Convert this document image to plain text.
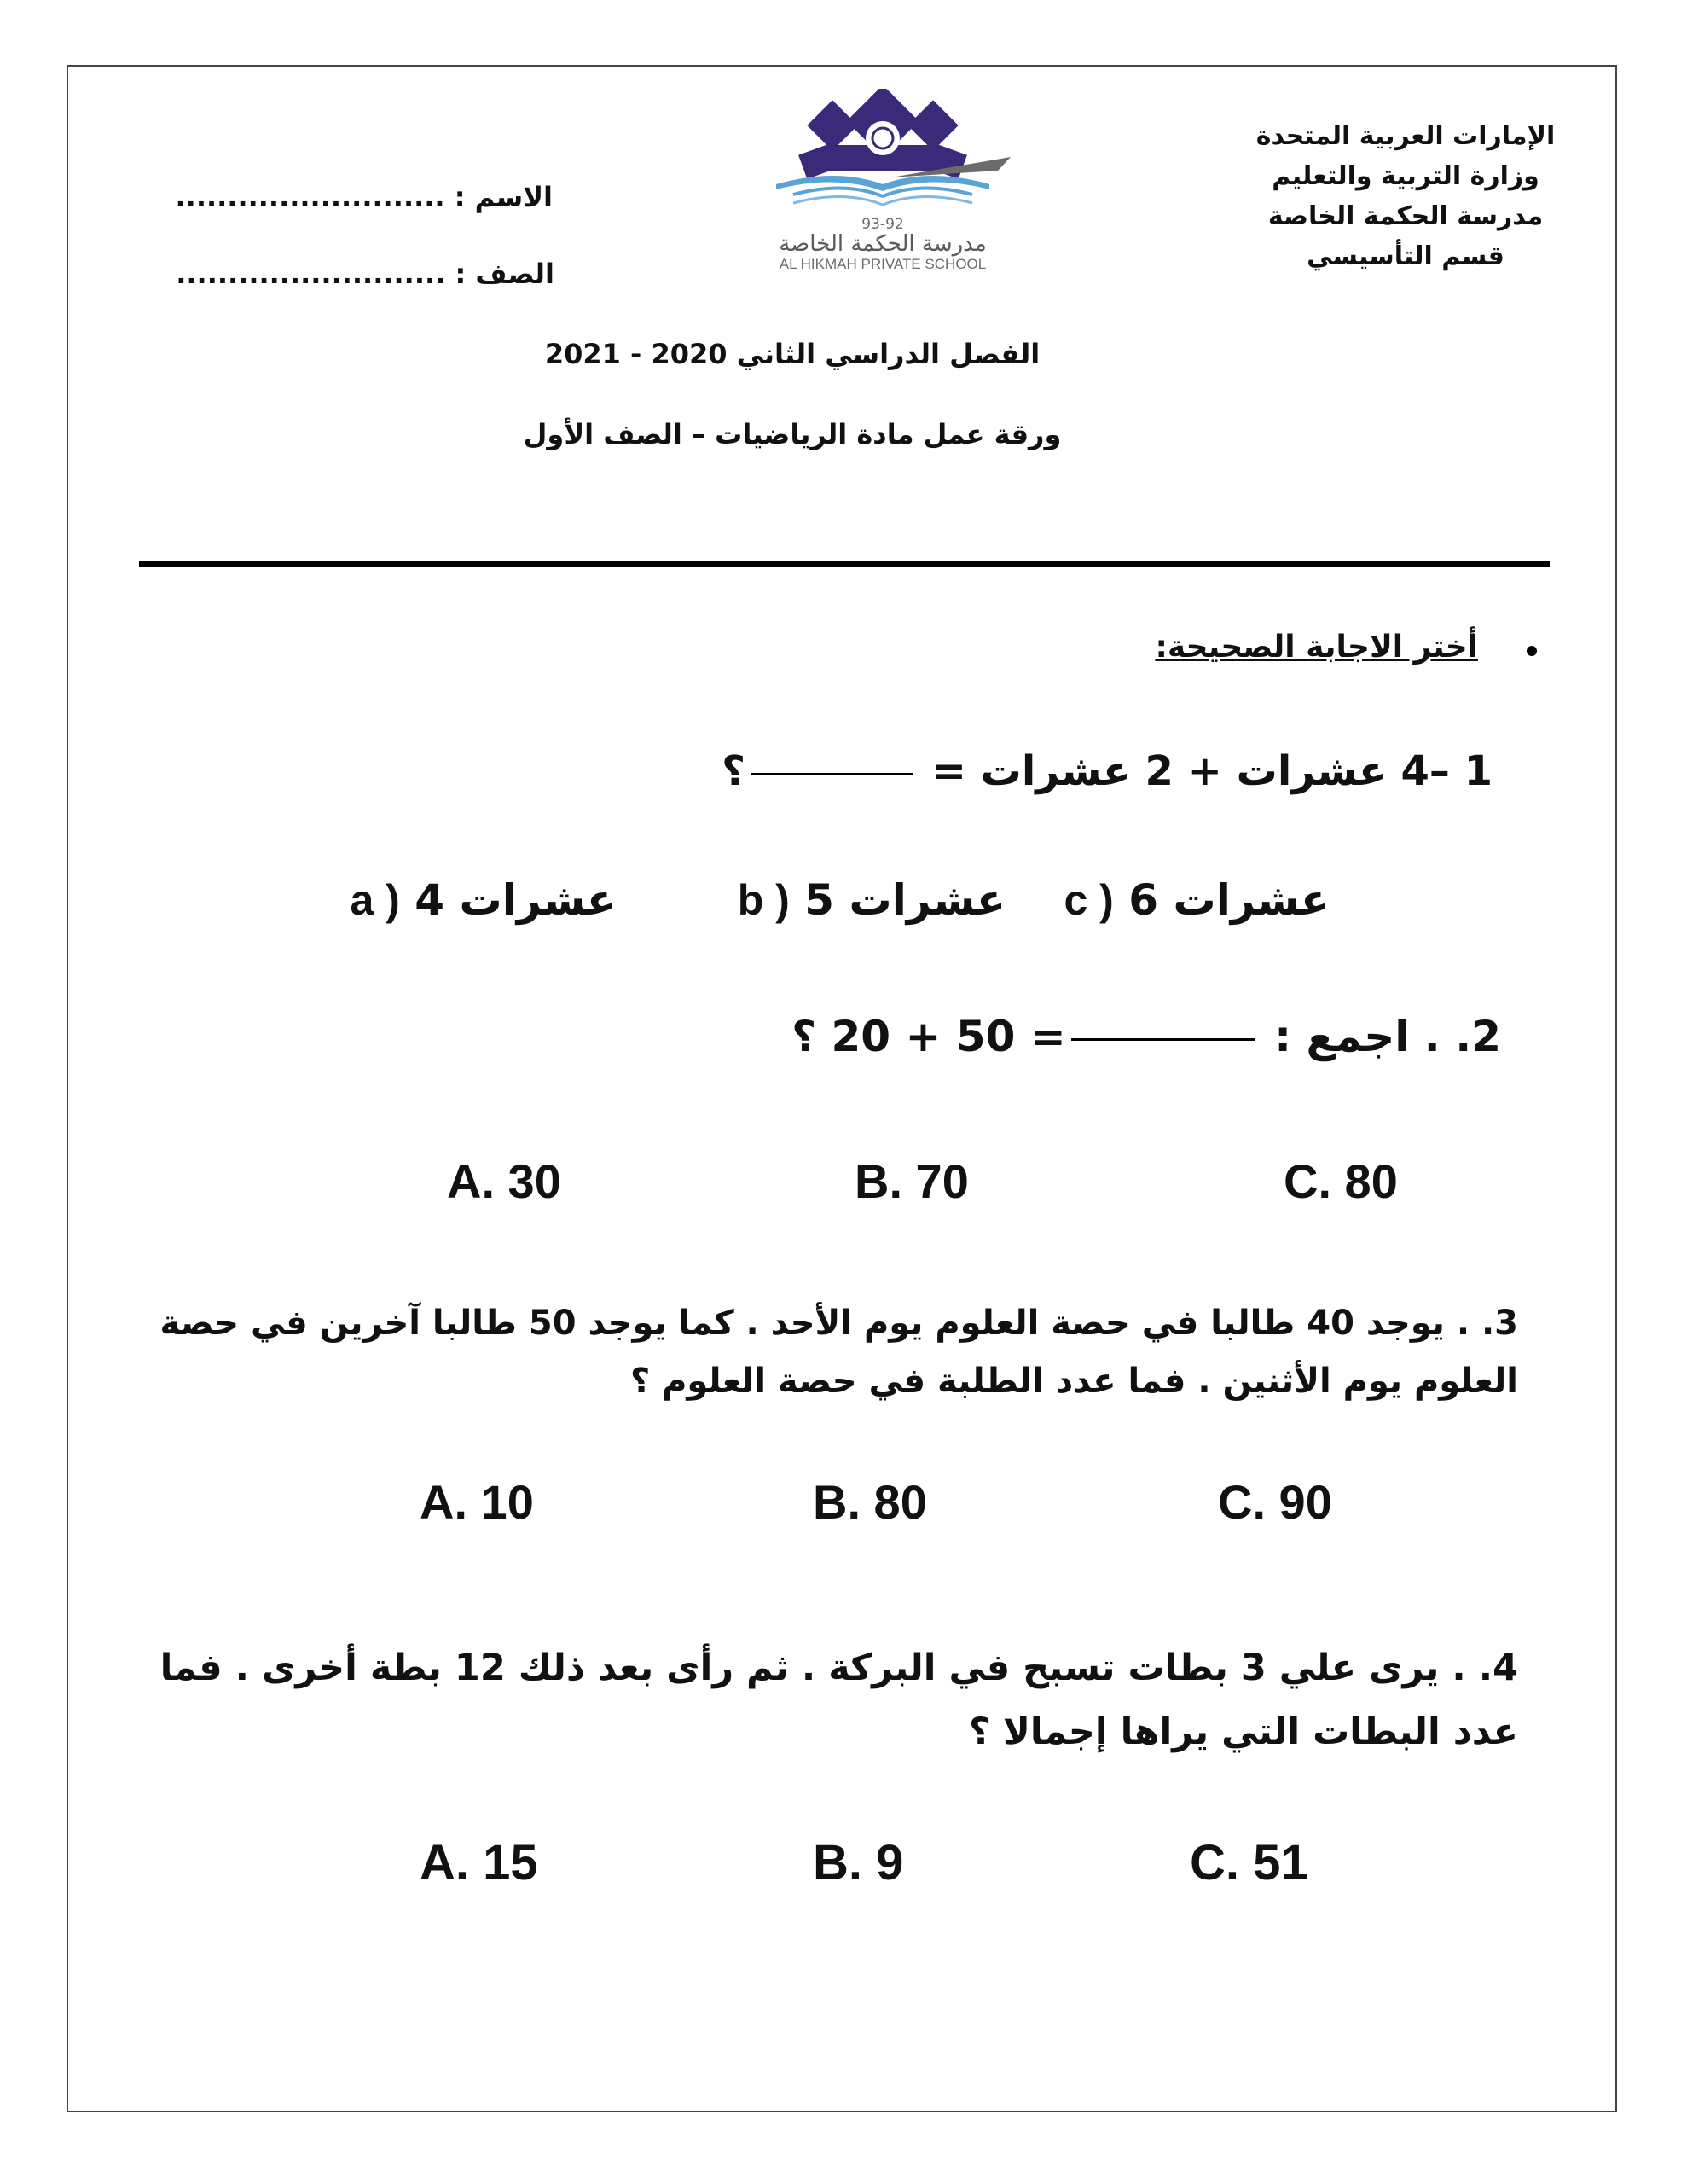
الإمارات العربية المتحدة
وزارة التربية والتعليم
مدرسة الحكمة الخاصة
قسم التأسيسي
93-92
مدرسة الحكمة الخاصة
AL HIKMAH PRIVATE SCHOOL
الاسم : ..........................
الصف : ..........................
الفصل الدراسي الثاني 2020 - 2021
ورقة عمل مادة الرياضيات – الصف الأول
أختر الاجابة الصحيحة:
1 –4 عشرات + 2 عشرات = ؟
c ) 6 عشرات
b ) 5 عشرات
a ) 4 عشرات
2. . اجمع : = 50 + 20 ؟
A. 30	B. 70	C. 80
3. . يوجد 40 طالبا في حصة العلوم يوم الأحد . كما يوجد 50 طالبا آخرين في حصة
العلوم يوم الأثنين . فما عدد الطلبة في حصة العلوم ؟
A. 10	B. 80	C. 90
4. . يرى علي 3 بطات تسبح في البركة . ثم رأى بعد ذلك 12 بطة أخرى . فما
عدد البطات التي يراها إجمالا ؟
A. 15	B. 9	C. 51
